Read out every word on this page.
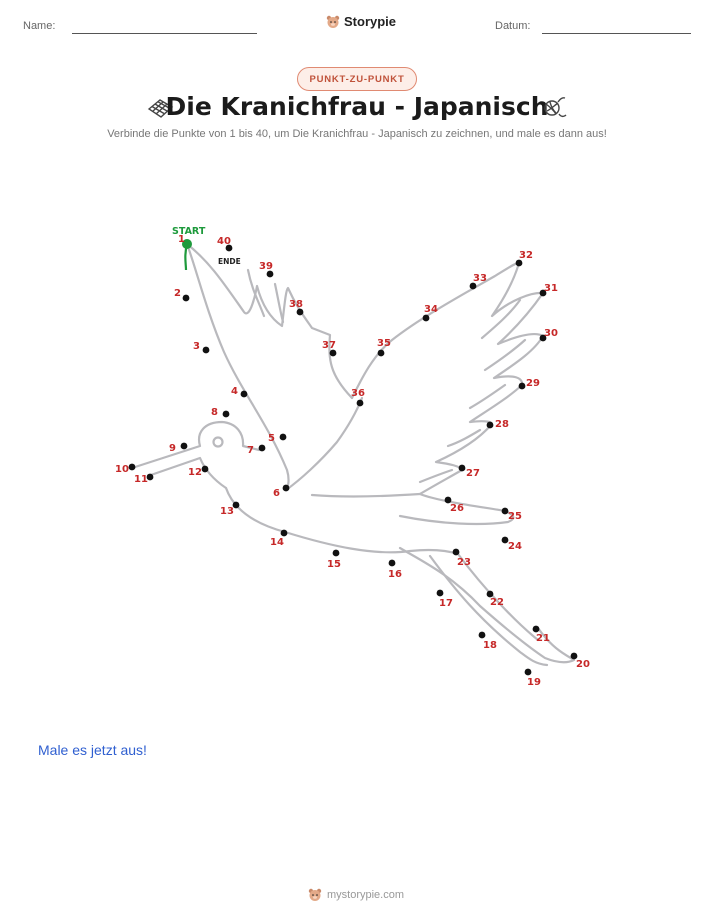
Name:	Storypie	Datum:
PUNKT-ZU-PUNKT
Die Kranichfrau - Japanisch
Verbinde die Punkte von 1 bis 40, um Die Kranichfrau - Japanisch zu zeichnen, und male es dann aus!
START
ENDE
1
2
3
4
5
6
7
8
9
10
11
12
13
14
15
16
17
18
19
20
21
22
23
24
25
26
27
28
29
30
31
32
33
34
35
36
37
38
39
40
Male es jetzt aus!
mystorypie.com
